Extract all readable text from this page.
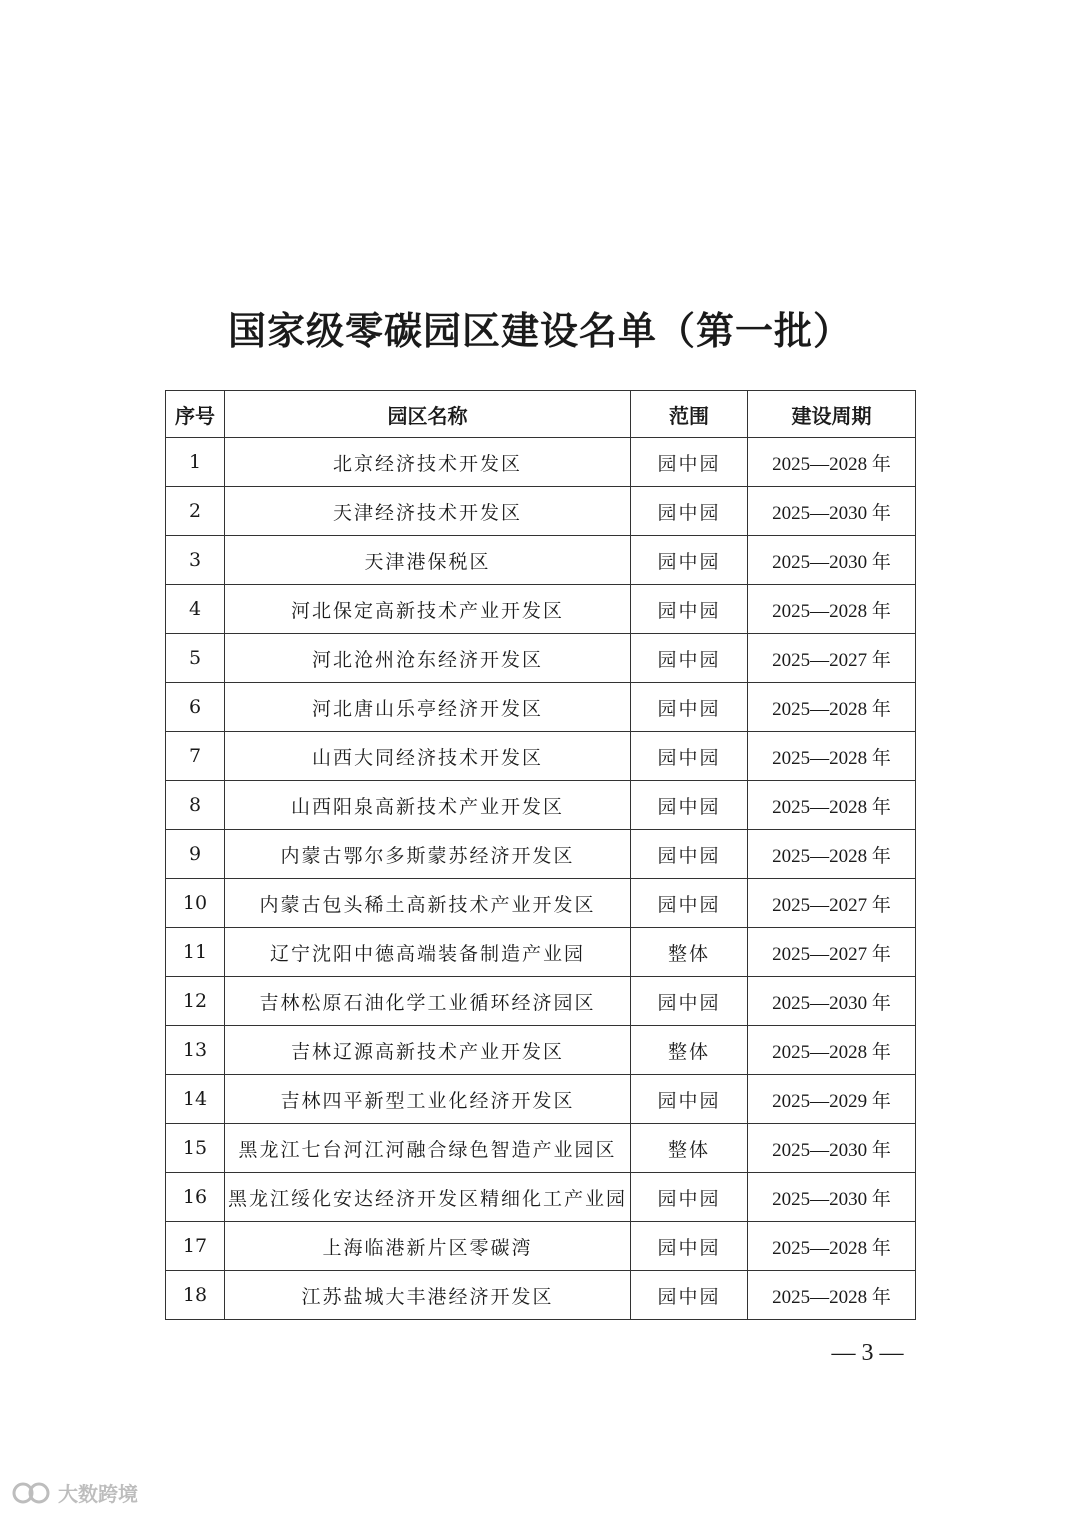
国家级零碳园区建设名单（第一批）
序号	园区名称	范围	建设周期
1	北京经济技术开发区	园中园	2025—2028 年
2	天津经济技术开发区	园中园	2025—2030 年
3	天津港保税区	园中园	2025—2030 年
4	河北保定高新技术产业开发区	园中园	2025—2028 年
5	河北沧州沧东经济开发区	园中园	2025—2027 年
6	河北唐山乐亭经济开发区	园中园	2025—2028 年
7	山西大同经济技术开发区	园中园	2025—2028 年
8	山西阳泉高新技术产业开发区	园中园	2025—2028 年
9	内蒙古鄂尔多斯蒙苏经济开发区	园中园	2025—2028 年
10	内蒙古包头稀土高新技术产业开发区	园中园	2025—2027 年
11	辽宁沈阳中德高端装备制造产业园	整体	2025—2027 年
12	吉林松原石油化学工业循环经济园区	园中园	2025—2030 年
13	吉林辽源高新技术产业开发区	整体	2025—2028 年
14	吉林四平新型工业化经济开发区	园中园	2025—2029 年
15	黑龙江七台河江河融合绿色智造产业园区	整体	2025—2030 年
16	黑龙江绥化安达经济开发区精细化工产业园	园中园	2025—2030 年
17	上海临港新片区零碳湾	园中园	2025—2028 年
18	江苏盐城大丰港经济开发区	园中园	2025—2028 年
— 3 —
大数跨境
